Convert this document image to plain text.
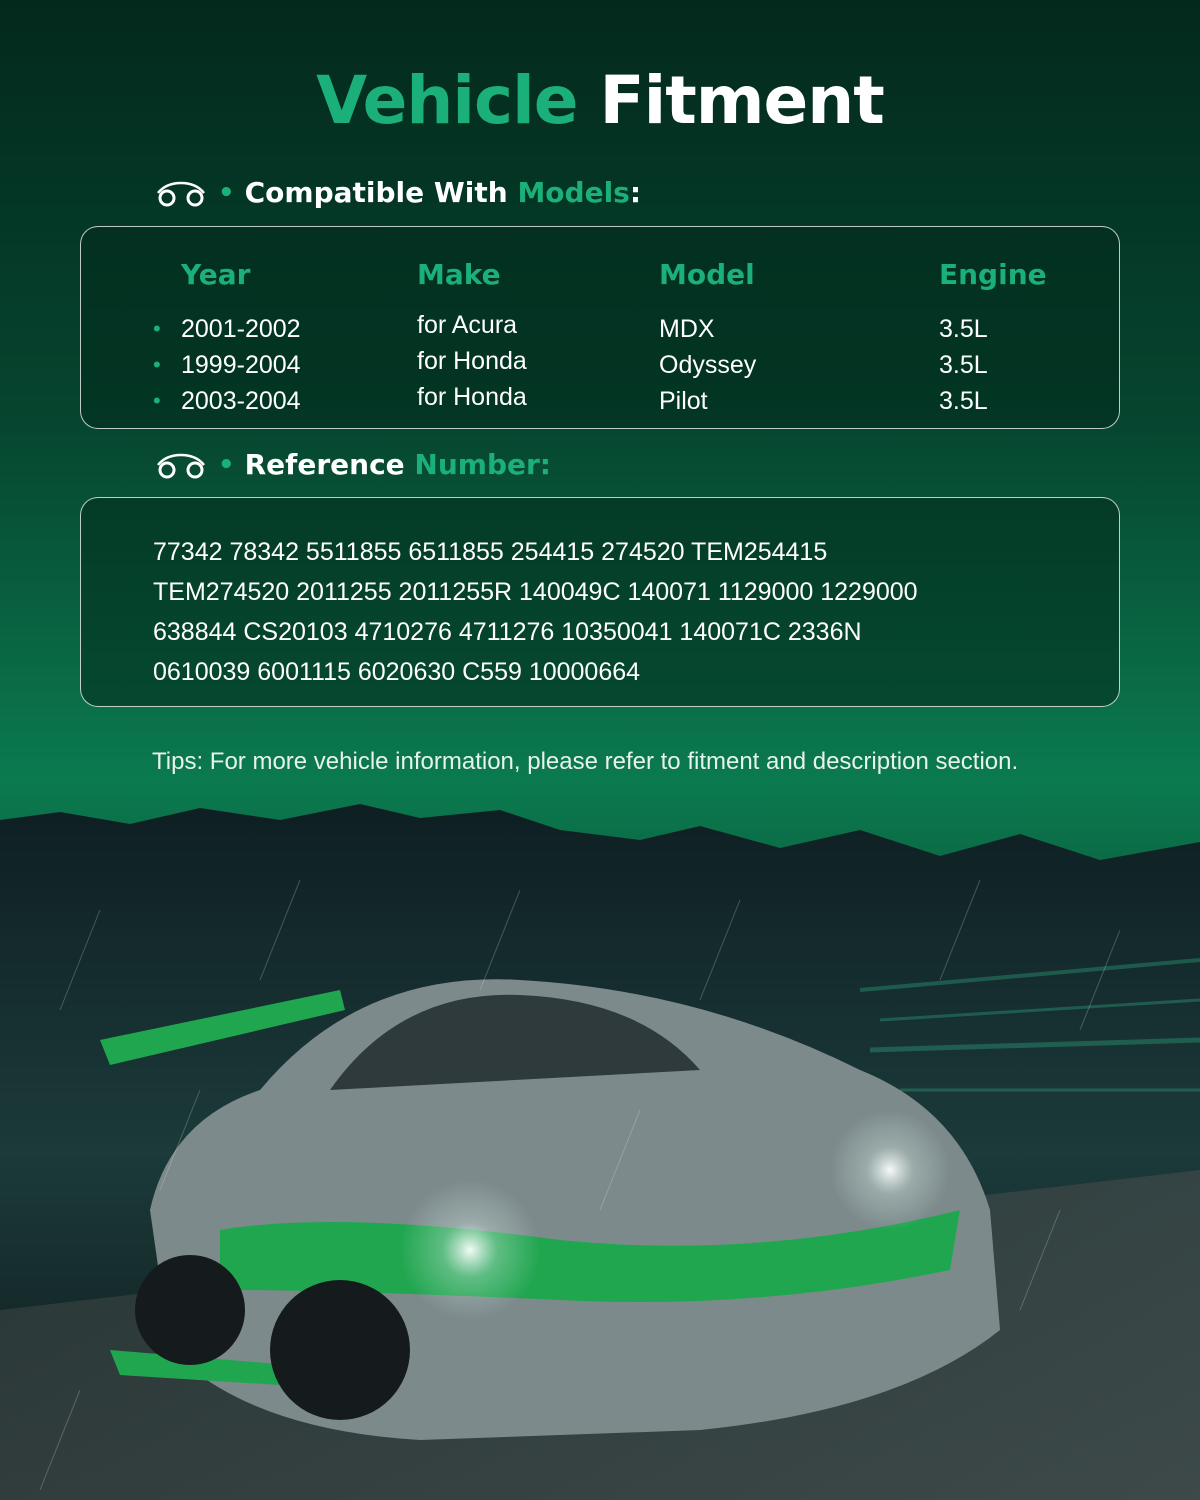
Vehicle Fitment
• Compatible With
Models :
Year
• 2001-2002
• 1999-2004
• 2003-2004
Make
for Acura
for Honda
for Honda
Model
MDX
Odyssey
Pilot
Engine
3.5L
3.5L
3.5L
• Reference
Number:
77342 78342 5511855 6511855 254415 274520 TEM254415
TEM274520 2011255 2011255R 140049C 140071 1129000 1229000
638844 CS20103 4710276 4711276 10350041 140071C 2336N
0610039 6001115 6020630 C559 10000664
Tips: For more vehicle information, please refer to fitment and description section.
